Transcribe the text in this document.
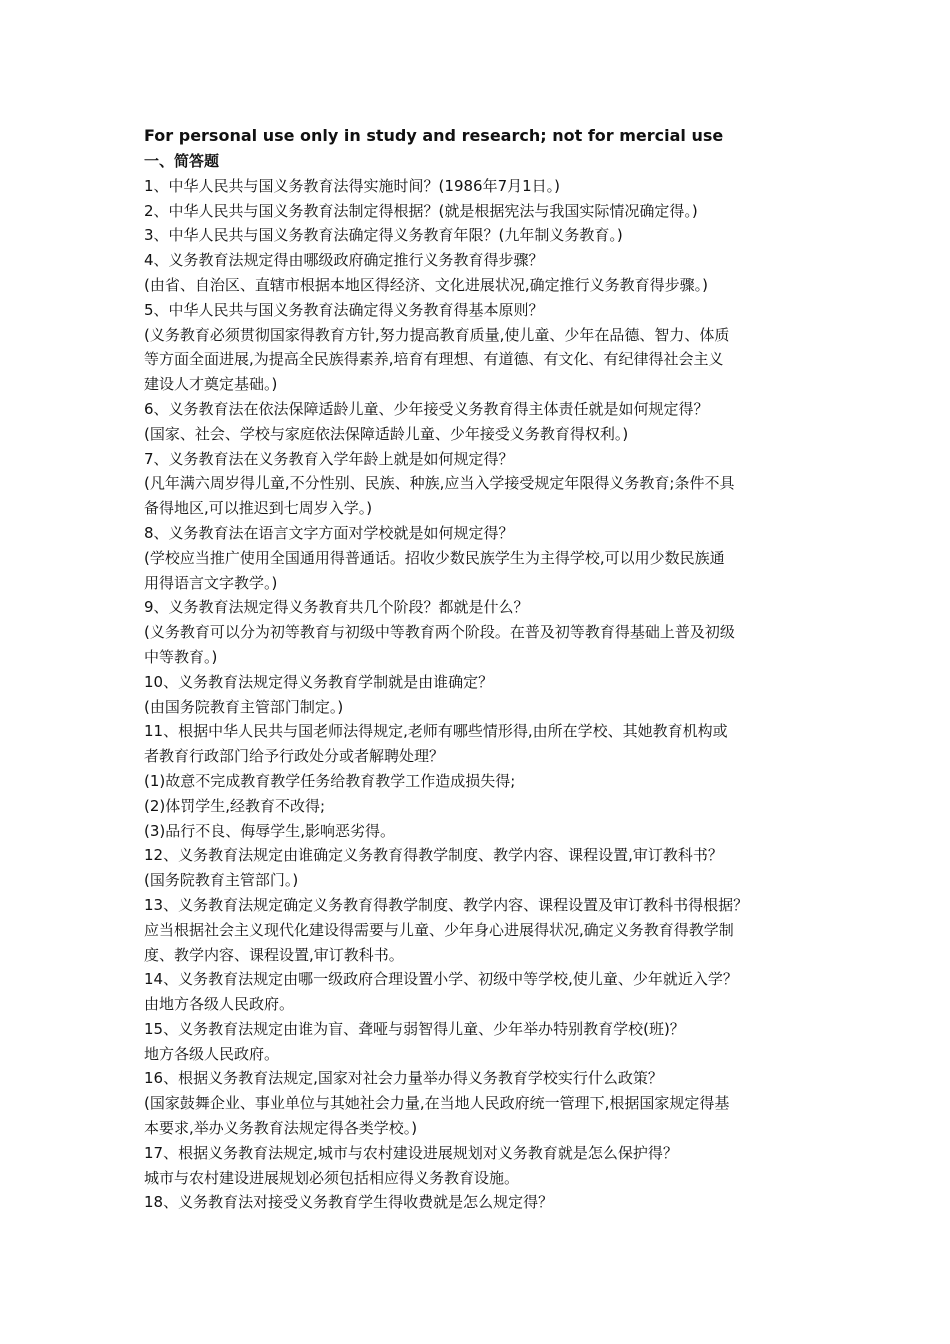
For personal use only in study and research; not for mercial use
一、简答题
1、中华人民共与国义务教育法得实施时间？(1986年7月1日。)
2、中华人民共与国义务教育法制定得根据？(就是根据宪法与我国实际情况确定得。)
3、中华人民共与国义务教育法确定得义务教育年限？(九年制义务教育。)
4、义务教育法规定得由哪级政府确定推行义务教育得步骤？
(由省、自治区、直辖市根据本地区得经济、文化进展状况,确定推行义务教育得步骤。)
5、中华人民共与国义务教育法确定得义务教育得基本原则？
(义务教育必须贯彻国家得教育方针,努力提高教育质量,使儿童、少年在品德、智力、体质
等方面全面进展,为提高全民族得素养,培育有理想、有道德、有文化、有纪律得社会主义
建设人才奠定基础。)
6、义务教育法在依法保障适龄儿童、少年接受义务教育得主体责任就是如何规定得？
(国家、社会、学校与家庭依法保障适龄儿童、少年接受义务教育得权利。)
7、义务教育法在义务教育入学年龄上就是如何规定得？
(凡年满六周岁得儿童,不分性别、民族、种族,应当入学接受规定年限得义务教育;条件不具
备得地区,可以推迟到七周岁入学。)
8、义务教育法在语言文字方面对学校就是如何规定得？
(学校应当推广使用全国通用得普通话。招收少数民族学生为主得学校,可以用少数民族通
用得语言文字教学。)
9、义务教育法规定得义务教育共几个阶段？都就是什么？
(义务教育可以分为初等教育与初级中等教育两个阶段。在普及初等教育得基础上普及初级
中等教育。)
10、义务教育法规定得义务教育学制就是由谁确定？
(由国务院教育主管部门制定。)
11、根据中华人民共与国老师法得规定,老师有哪些情形得,由所在学校、其她教育机构或
者教育行政部门给予行政处分或者解聘处理？
(1)故意不完成教育教学任务给教育教学工作造成损失得;
(2)体罚学生,经教育不改得;
(3)品行不良、侮辱学生,影响恶劣得。
12、义务教育法规定由谁确定义务教育得教学制度、教学内容、课程设置,审订教科书？
(国务院教育主管部门。)
13、义务教育法规定确定义务教育得教学制度、教学内容、课程设置及审订教科书得根据？
应当根据社会主义现代化建设得需要与儿童、少年身心进展得状况,确定义务教育得教学制
度、教学内容、课程设置,审订教科书。
14、义务教育法规定由哪一级政府合理设置小学、初级中等学校,使儿童、少年就近入学？
由地方各级人民政府。
15、义务教育法规定由谁为盲、聋哑与弱智得儿童、少年举办特别教育学校(班)？
地方各级人民政府。
16、根据义务教育法规定,国家对社会力量举办得义务教育学校实行什么政策？
(国家鼓舞企业、事业单位与其她社会力量,在当地人民政府统一管理下,根据国家规定得基
本要求,举办义务教育法规定得各类学校。)
17、根据义务教育法规定,城市与农村建设进展规划对义务教育就是怎么保护得？
城市与农村建设进展规划必须包括相应得义务教育设施。
18、义务教育法对接受义务教育学生得收费就是怎么规定得？
